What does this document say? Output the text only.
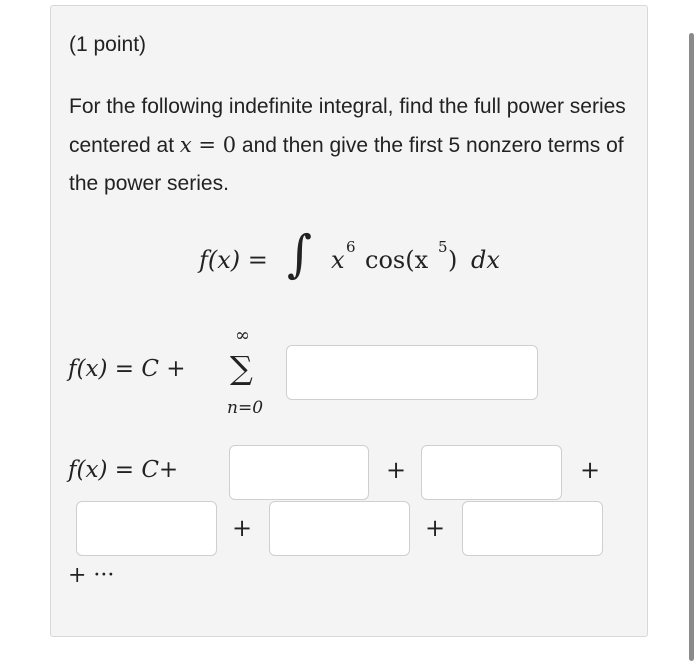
(1 point)
For the following indefinite integral, find the full power series centered at x = 0 and then give the first 5 nonzero terms of the power series.
f(x) = ∫ x 6 cos(x 5 ) dx
f(x) = C +
∞
∑
n=0
f(x) = C+	+	+
+	+
+ ···
